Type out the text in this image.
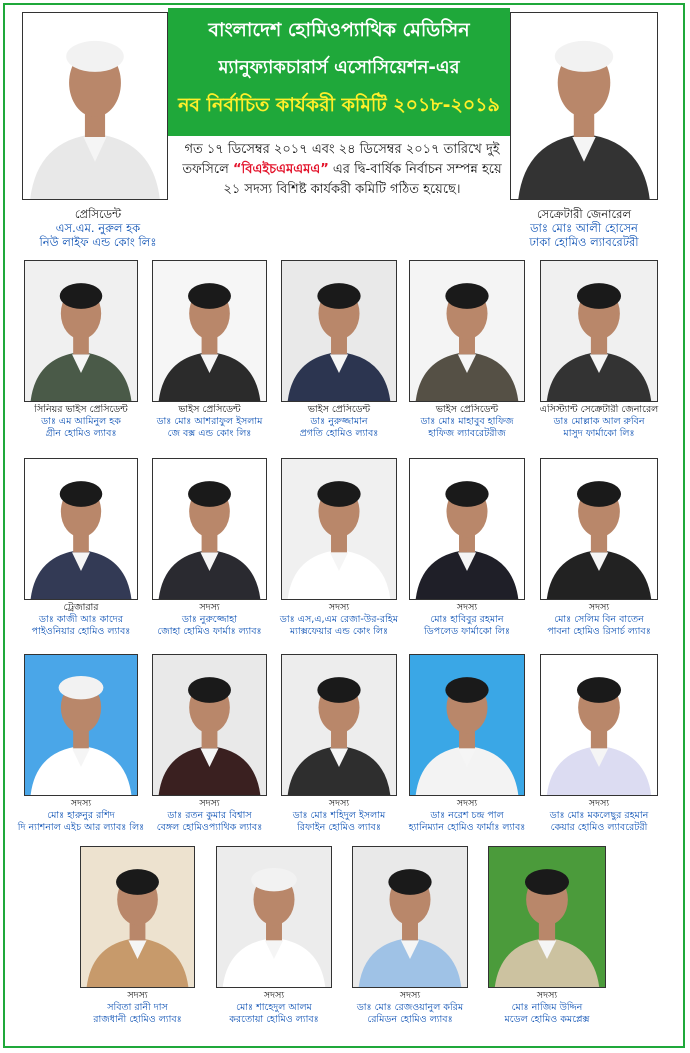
বাংলাদেশ হোমিওপ্যাথিক মেডিসিন
ম্যানুফ্যাকচারার্স এসোসিয়েশন-এর
নব নির্বাচিত কার্যকরী কমিটি ২০১৮-২০১৯
গত ১৭ ডিসেম্বর ২০১৭ এবং ২৪ ডিসেম্বর ২০১৭ তারিখে দুই তফসিলে “বিএইচএমএমএ” এর দ্বি-বার্ষিক নির্বাচন সম্পন্ন হয়ে ২১ সদস্য বিশিষ্ট কার্যকরী কমিটি গঠিত হয়েছে।
প্রেসিডেন্ট
এস.এম. নুরুল হক
নিউ লাইফ এন্ড কোং লিঃ
সেক্রেটারী জেনারেল
ডাঃ মোঃ আলী হোসেন
ঢাকা হোমিও ল্যাবরেটরী
সিনিয়র ভাইস প্রেসিডেন্ট
ডাঃ এম আমিনুল হক
গ্রীন হোমিও ল্যাবঃ
ভাইস প্রেসিডেন্ট
ডাঃ মোঃ আশরাফুল ইসলাম
জে বক্স এন্ড কোং লিঃ
ভাইস প্রেসিডেন্ট
ডাঃ নুরুজ্জামান
প্রগতি হোমিও ল্যাবঃ
ভাইস প্রেসিডেন্ট
ডাঃ মোঃ মাহাবুব হাফিজ
হাফিজ ল্যাবরেটরীজ
এসিস্ট্যান্ট সেক্রেটারী জেনারেল
ডাঃ মোল্লাক আল রুবিন
মাসুদ ফার্মাকো লিঃ
ট্রেজারার
ডাঃ কাজী আঃ কাদের
পাইওনিয়ার হোমিও ল্যাবঃ
সদস্য
ডাঃ নুরুজ্জোহা
জোহা হোমিও ফার্মাঃ ল্যাবঃ
সদস্য
ডাঃ এস,এ,এম রেজা-উর-রহিম
ম্যাক্সফেয়ার এন্ড কোং লিঃ
সদস্য
মোঃ হাবিবুর রহমান
ডিপলেড ফার্মাকো লিঃ
সদস্য
মোঃ সেলিম বিন বাতেন
পাবনা হোমিও রিসার্চ ল্যাবঃ
সদস্য
মোঃ হারুনুর রশিদ
দি ন্যাশনাল এইচ আর ল্যাবঃ লিঃ
সদস্য
ডাঃ রতন কুমার বিশ্বাস
বেঙ্গল হোমিওপ্যাথিক ল্যাবঃ
সদস্য
ডাঃ মোঃ শহিদুল ইসলাম
রিফাইন হোমিও ল্যাবঃ
সদস্য
ডাঃ নরেশ চন্দ্র পাল
হ্যানিম্যান হোমিও ফার্মাঃ ল্যাবঃ
সদস্য
ডাঃ মোঃ মকলেছুর রহমান
কেয়ার হোমিও ল্যাবরেটরী
সদস্য
সবিতা রানী দাস
রাজধানী হোমিও ল্যাবঃ
সদস্য
মোঃ শাহেদুল আলম
করতোয়া হোমিও ল্যাবঃ
সদস্য
ডাঃ মোঃ রেজওয়ানুল করিম
রেমিডন হোমিও ল্যাবঃ
সদস্য
মোঃ নাজিম উদ্দিন
মডেল হোমিও কমপ্লেক্স
